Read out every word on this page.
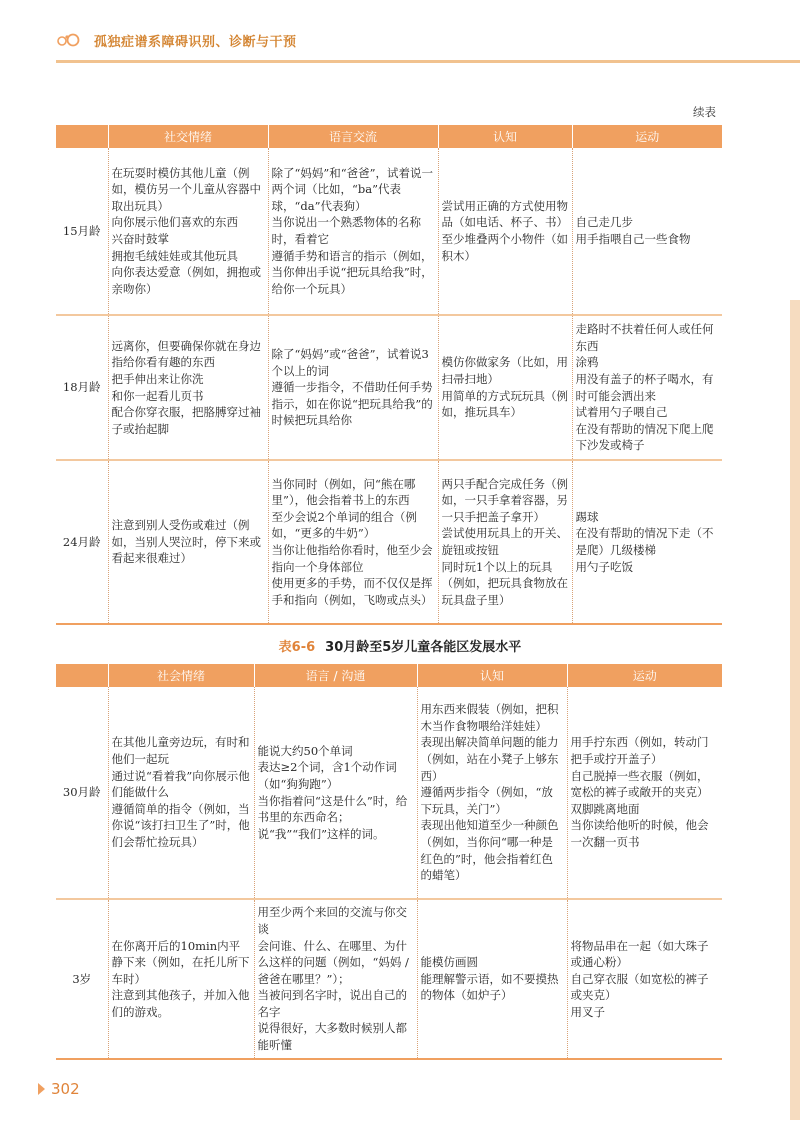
孤独症谱系障碍识别、诊断与干预
续表
	社交情绪	语言交流	认知	运动
15月龄	在玩耍时模仿其他儿童（例如，模仿另一个儿童从容器中取出玩具）
向你展示他们喜欢的东西
兴奋时鼓掌
拥抱毛绒娃娃或其他玩具
向你表达爱意（例如，拥抱或亲吻你）	除了“妈妈”和“爸爸”，试着说一两个词（比如，“ba”代表球，“da”代表狗）
当你说出一个熟悉物体的名称时，看着它
遵循手势和语言的指示（例如，当你伸出手说“把玩具给我”时，给你一个玩具）	尝试用正确的方式使用物品（如电话、杯子、书）
至少堆叠两个小物件（如积木）	自己走几步
用手指喂自己一些食物
18月龄	远离你，但要确保你就在身边
指给你看有趣的东西
把手伸出来让你洗
和你一起看儿页书
配合你穿衣服，把胳膊穿过袖子或抬起脚	除了“妈妈”或“爸爸”，试着说3个以上的词
遵循一步指令，不借助任何手势指示，如在你说“把玩具给我”的时候把玩具给你	模仿你做家务（比如，用扫帚扫地）
用简单的方式玩玩具（例如，推玩具车）	走路时不扶着任何人或任何东西
涂鸦
用没有盖子的杯子喝水，有时可能会洒出来
试着用勺子喂自己
在没有帮助的情况下爬上爬下沙发或椅子
24月龄	注意到别人受伤或难过（例如，当别人哭泣时，停下来或看起来很难过）	当你同时（例如，问“熊在哪里”），他会指着书上的东西
至少会说2个单词的组合（例如，“更多的牛奶”）
当你让他指给你看时，他至少会指向一个身体部位
使用更多的手势，而不仅仅是挥手和指向（例如，飞吻或点头）	两只手配合完成任务（例如，一只手拿着容器，另一只手把盖子拿开）
尝试使用玩具上的开关、旋钮或按钮
同时玩1个以上的玩具（例如，把玩具食物放在玩具盘子里）	踢球
在没有帮助的情况下走（不是爬）几级楼梯
用勺子吃饭
表6-6 30月龄至5岁儿童各能区发展水平
	社会情绪	语言 / 沟通	认知	运动
30月龄	在其他儿童旁边玩，有时和他们一起玩
通过说“看着我”向你展示他们能做什么
遵循简单的指令（例如，当你说“该打扫卫生了”时，他们会帮忙捡玩具）	能说大约50个单词
表达≥2个词，含1个动作词（如“狗狗跑”）
当你指着问“这是什么”时，给书里的东西命名；
说“我”“我们”这样的词。	用东西来假装（例如，把积木当作食物喂给洋娃娃）
表现出解决简单问题的能力（例如，站在小凳子上够东西）
遵循两步指令（例如，“放下玩具，关门”）
表现出他知道至少一种颜色（例如，当你问“哪一种是红色的”时，他会指着红色的蜡笔）	用手拧东西（例如，转动门把手或拧开盖子）
自己脱掉一些衣服（例如，宽松的裤子或敞开的夹克）
双脚跳离地面
当你读给他听的时候，他会一次翻一页书
3岁	在你离开后的10min内平静下来（例如，在托儿所下车时）
注意到其他孩子，并加入他们的游戏。	用至少两个来回的交流与你交谈
会问谁、什么、在哪里、为什么这样的问题（例如，“妈妈 / 爸爸在哪里？”）；
当被问到名字时，说出自己的名字
说得很好，大多数时候别人都能听懂	能模仿画圆
能理解警示语，如不要摸热的物体（如炉子）	将物品串在一起（如大珠子或通心粉）
自己穿衣服（如宽松的裤子或夹克）
用叉子
302
